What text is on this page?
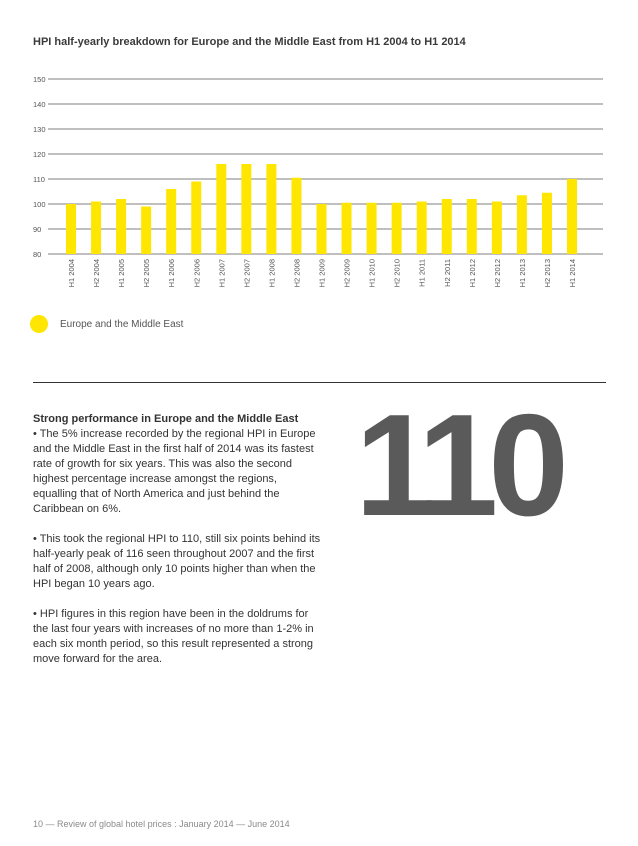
HPI half-yearly breakdown for Europe and the Middle East from H1 2004 to H1 2014
80
90
100
110
120
130
140
150
H1 2004 H2 2004 H1 2005 H2 2005 H1 2006 H2 2006 H1 2007 H2 2007 H1 2008 H2 2008 H1 2009 H2 2009 H1 2010 H2 2010 H1 2011 H2 2011 H1 2012 H2 2012 H1 2013 H2 2013 H1 2014
Europe and the Middle East

Strong performance in Europe and the Middle East
• The 5% increase recorded by the regional HPI in Europe and the Middle East in the first half of 2014 was its fastest rate of growth for six years. This was also the second highest percentage increase amongst the regions, equalling that of North America and just behind the Caribbean on 6%.

• This took the regional HPI to 110, still six points behind its half-yearly peak of 116 seen throughout 2007 and the first half of 2008, although only 10 points higher than when the HPI began 10 years ago.

• HPI figures in this region have been in the doldrums for the last four years with increases of no more than 1-2% in each six month period, so this result represented a strong move forward for the area.

110
10 — Review of global hotel prices : January 2014 — June 2014
